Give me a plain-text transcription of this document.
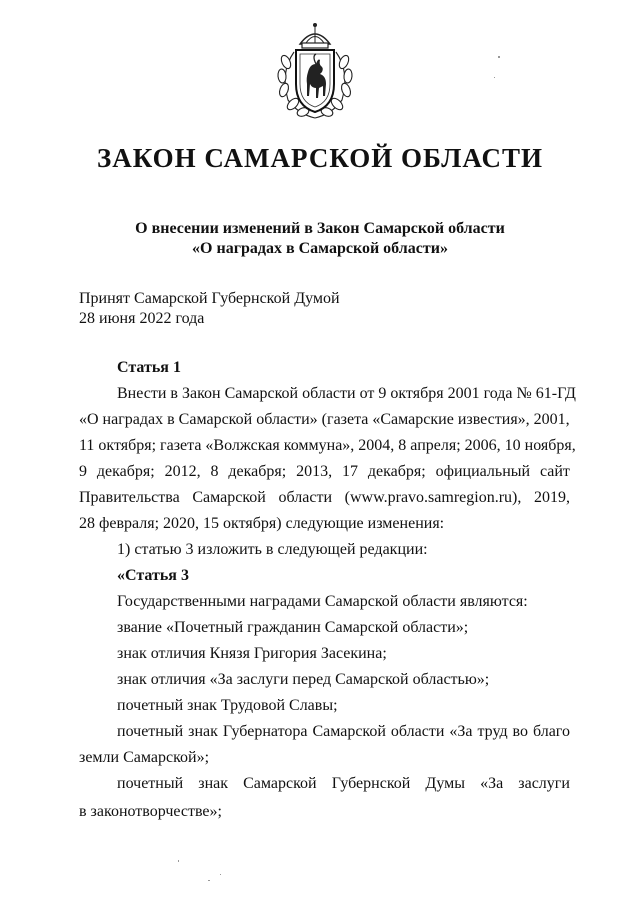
ЗАКОН САМАРСКОЙ ОБЛАСТИ
О внесении изменений в Закон Самарской области
«О наградах в Самарской области»
Принят Самарской Губернской Думой
28 июня 2022 года
Статья 1
Внести в Закон Самарской области от 9 октября 2001 года № 61-ГД
«О наградах в Самарской области» (газета «Самарские известия», 2001,
11 октября; газета «Волжская коммуна», 2004, 8 апреля; 2006, 10 ноября,
9 декабря; 2012, 8 декабря; 2013, 17 декабря; официальный сайт
Правительства Самарской области (www.pravo.samregion.ru), 2019,
28 февраля; 2020, 15 октября) следующие изменения:
1) статью 3 изложить в следующей редакции:
«Статья 3
Государственными наградами Самарской области являются:
звание «Почетный гражданин Самарской области»;
знак отличия Князя Григория Засекина;
знак отличия «За заслуги перед Самарской областью»;
почетный знак Трудовой Славы;
почетный знак Губернатора Самарской области «За труд во благо
земли Самарской»;
почетный знак Самарской Губернской Думы «За заслуги
в законотворчестве»;
